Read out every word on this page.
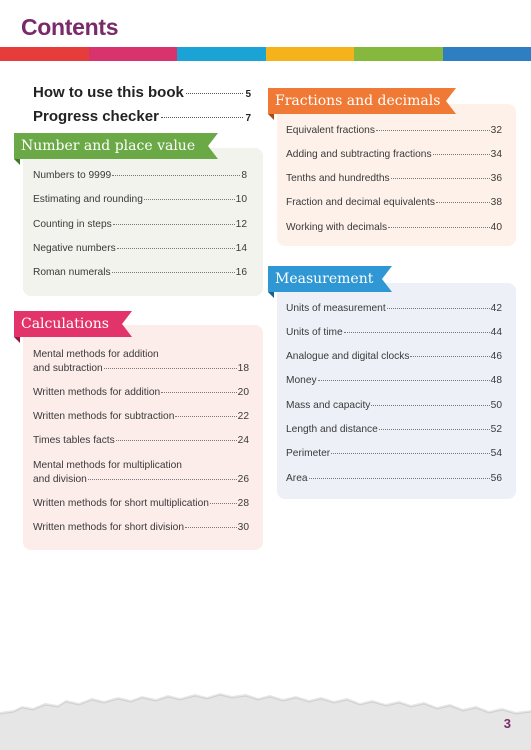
Contents
How to use this book	5
Progress checker	7
Number and place value
Calculations
Fractions and decimals
Measurement
Numbers to 9999	8
Estimating and rounding	10
Counting in steps	12
Negative numbers	14
Roman numerals	16
Mental methods for addition
and subtraction	18
Written methods for addition	20
Written methods for subtraction	22
Times tables facts	24
Mental methods for multiplication
and division	26
Written methods for short multiplication	28
Written methods for short division	30
Equivalent fractions	32
Adding and subtracting fractions	34
Tenths and hundredths	36
Fraction and decimal equivalents	38
Working with decimals	40
Units of measurement	42
Units of time	44
Analogue and digital clocks	46
Money	48
Mass and capacity	50
Length and distance	52
Perimeter	54
Area	56
3
